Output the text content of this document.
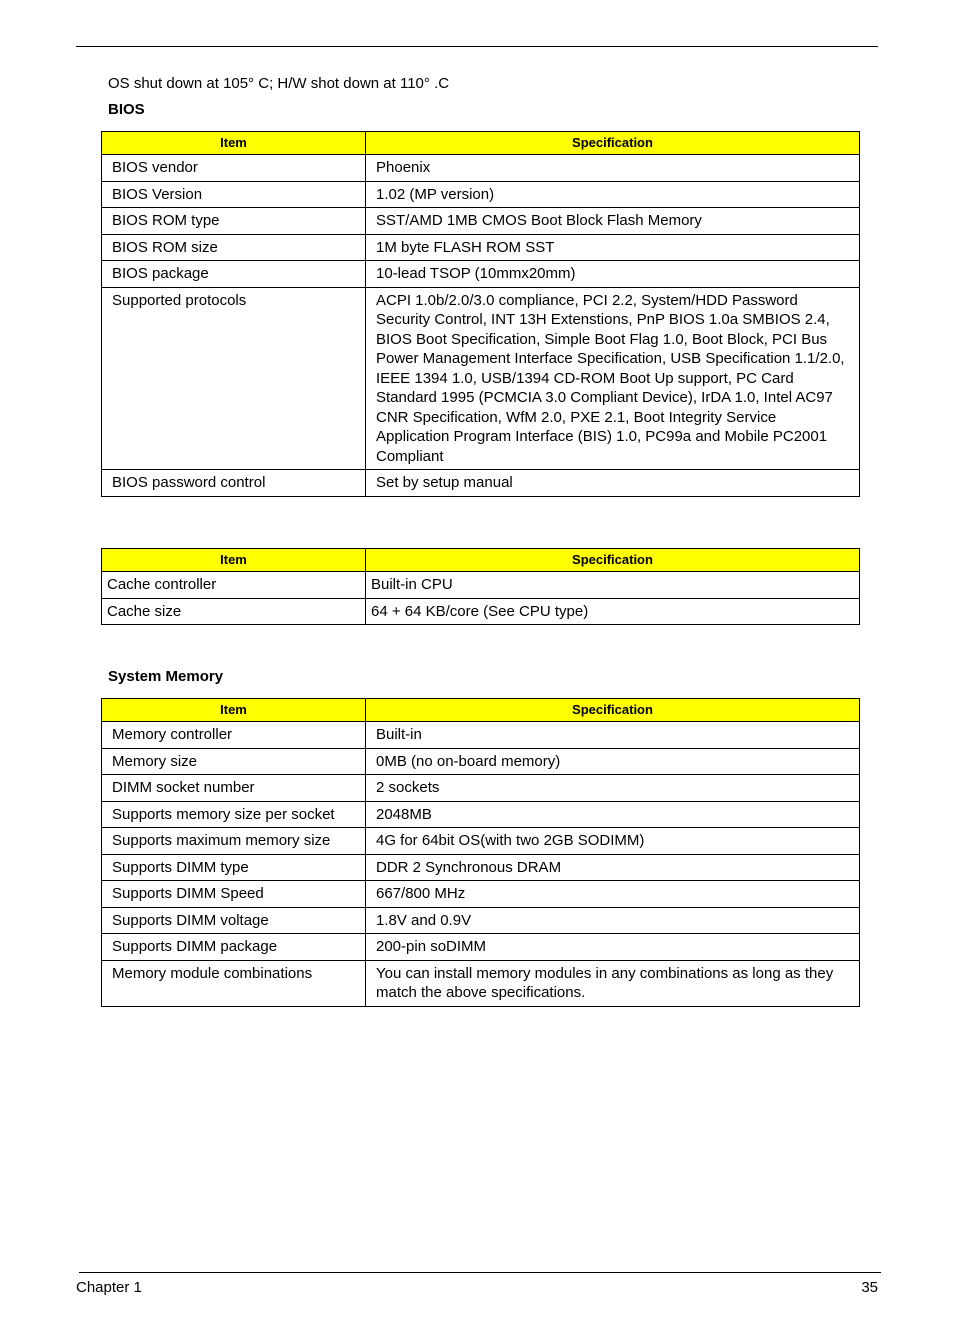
OS shut down at 105° C; H/W shot down at 110° .C
BIOS
Item	Specification
BIOS vendor	Phoenix
BIOS Version	1.02 (MP version)
BIOS ROM type	SST/AMD 1MB CMOS Boot Block Flash Memory
BIOS ROM size	1M byte FLASH ROM SST
BIOS package	10-lead TSOP (10mmx20mm)
Supported protocols	ACPI 1.0b/2.0/3.0 compliance, PCI 2.2, System/HDD Password Security Control, INT 13H Extenstions, PnP BIOS 1.0a SMBIOS 2.4, BIOS Boot Specification, Simple Boot Flag 1.0, Boot Block, PCI Bus Power Management Interface Specification, USB Specification 1.1/2.0, IEEE 1394 1.0, USB/1394 CD-ROM Boot Up support, PC Card Standard 1995 (PCMCIA 3.0 Compliant Device), IrDA 1.0, Intel AC97 CNR Specification, WfM 2.0, PXE 2.1, Boot Integrity Service Application Program Interface (BIS) 1.0, PC99a and Mobile PC2001 Compliant
BIOS password control	Set by setup manual
Item	Specification
Cache controller	Built-in CPU
Cache size	64 + 64 KB/core (See CPU type)
System Memory
Item	Specification
Memory controller	Built-in
Memory size	0MB (no on-board memory)
DIMM socket number	2 sockets
Supports memory size per socket	2048MB
Supports maximum memory size	4G for 64bit OS(with two 2GB SODIMM)
Supports DIMM type	DDR 2 Synchronous DRAM
Supports DIMM Speed	667/800 MHz
Supports DIMM voltage	1.8V and 0.9V
Supports DIMM package	200-pin soDIMM
Memory module combinations	You can install memory modules in any combinations as long as they match the above specifications.
Chapter 1	35
